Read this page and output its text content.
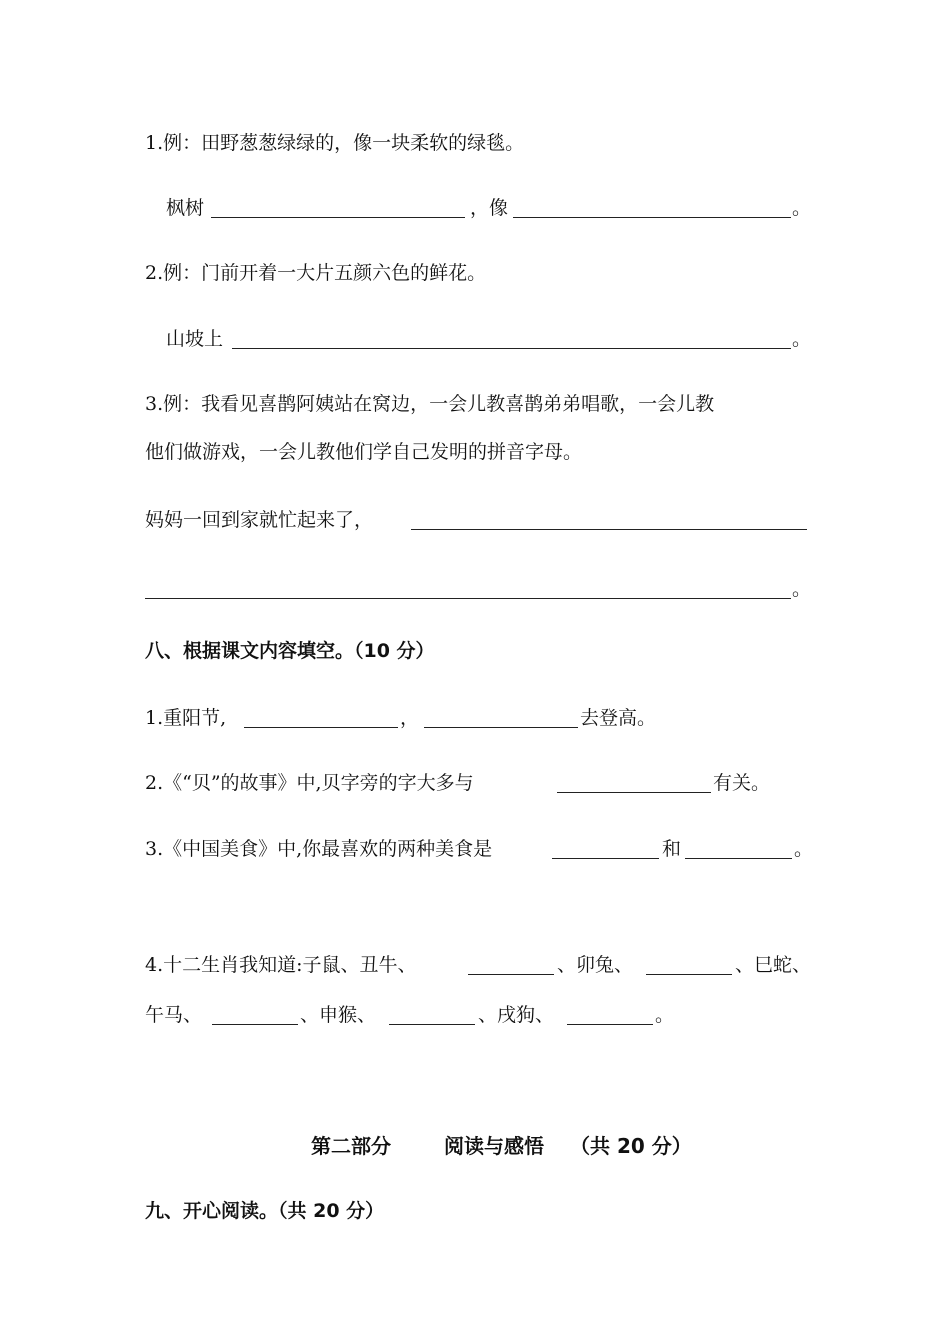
1.例：田野葱葱绿绿的，像一块柔软的绿毯。
枫树	，像	。
2.例：门前开着一大片五颜六色的鲜花。
山坡上	。
3.例：我看见喜鹊阿姨站在窝边，一会儿教喜鹊弟弟唱歌，一会儿教
他们做游戏，一会儿教他们学自己发明的拼音字母。
妈妈一回到家就忙起来了，
。
八、根据课文内容填空。（10 分）
1.重阳节,	，	去登高。
2.《“贝”的故事》中,贝字旁的字大多与	有关。
3.《中国美食》中,你最喜欢的两种美食是	和	。
4.十二生肖我知道:子鼠、丑牛、	、卯兔、	、巳蛇、
午马、	、申猴、	、戌狗、	。
第二部分	阅读与感悟 （共 20 分）
九、开心阅读。（共 20 分）
